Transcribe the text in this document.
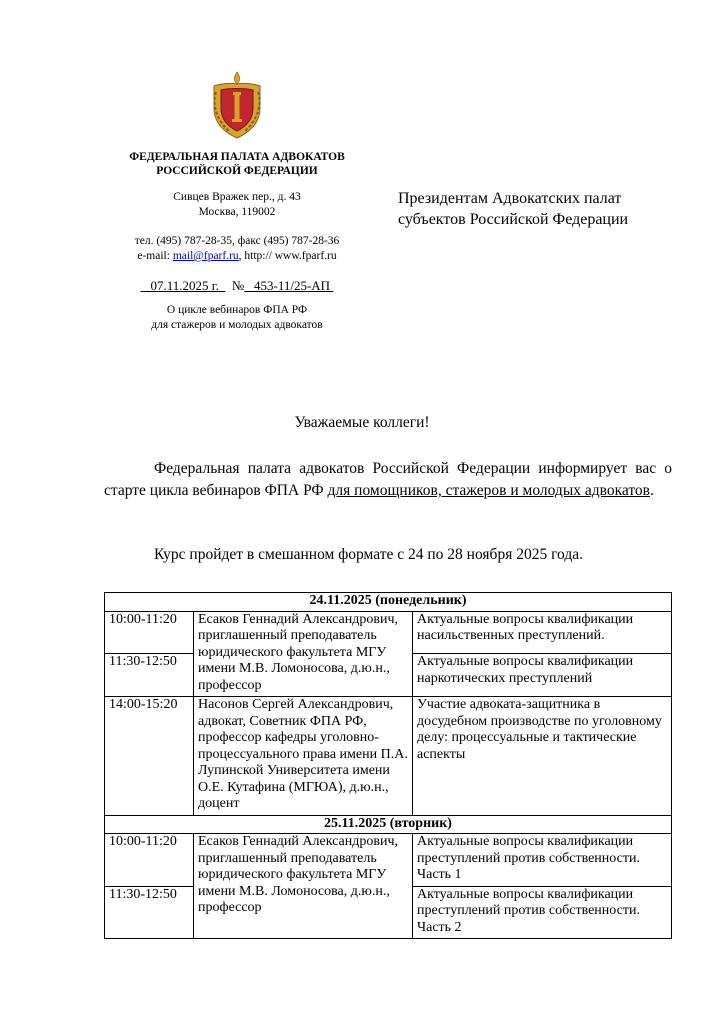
ФЕДЕРАЛЬНАЯ ПАЛАТА АДВОКАТОВ
РОССИЙСКОЙ ФЕДЕРАЦИИ
Сивцев Вражек пер., д. 43
Москва, 119002
тел. (495) 787-28-35, факс (495) 787-28-36
e-mail: mail@fparf.ru, http:// www.fparf.ru
07.11.2025 г. № 453-11/25-АП
О цикле вебинаров ФПА РФ
для стажеров и молодых адвокатов
Президентам Адвокатских палат
субъектов Российской Федерации
Уважаемые коллеги!
Федеральная палата адвокатов Российской Федерации информирует вас о старте цикла вебинаров ФПА РФ для помощников, стажеров и молодых адвокатов.
Курс пройдет в смешанном формате с 24 по 28 ноября 2025 года.
24.11.2025 (понедельник)		
10:00-11:20	Есаков Геннадий Александрович, приглашенный преподаватель юридического факультета МГУ имени М.В. Ломоносова, д.ю.н., профессор	Актуальные вопросы квалификации насильственных преступлений.
11:30-12:50		Актуальные вопросы квалификации наркотических преступлений
14:00-15:20	Насонов Сергей Александрович, адвокат, Советник ФПА РФ, профессор кафедры уголовно-процессуального права имени П.А. Лупинской Университета имени О.Е. Кутафина (МГЮА), д.ю.н., доцент	Участие адвоката-защитника в досудебном производстве по уголовному делу: процессуальные и тактические аспекты
25.11.2025 (вторник)		
10:00-11:20	Есаков Геннадий Александрович, приглашенный преподаватель юридического факультета МГУ имени М.В. Ломоносова, д.ю.н., профессор	Актуальные вопросы квалификации преступлений против собственности. Часть 1
11:30-12:50		Актуальные вопросы квалификации преступлений против собственности. Часть 2
